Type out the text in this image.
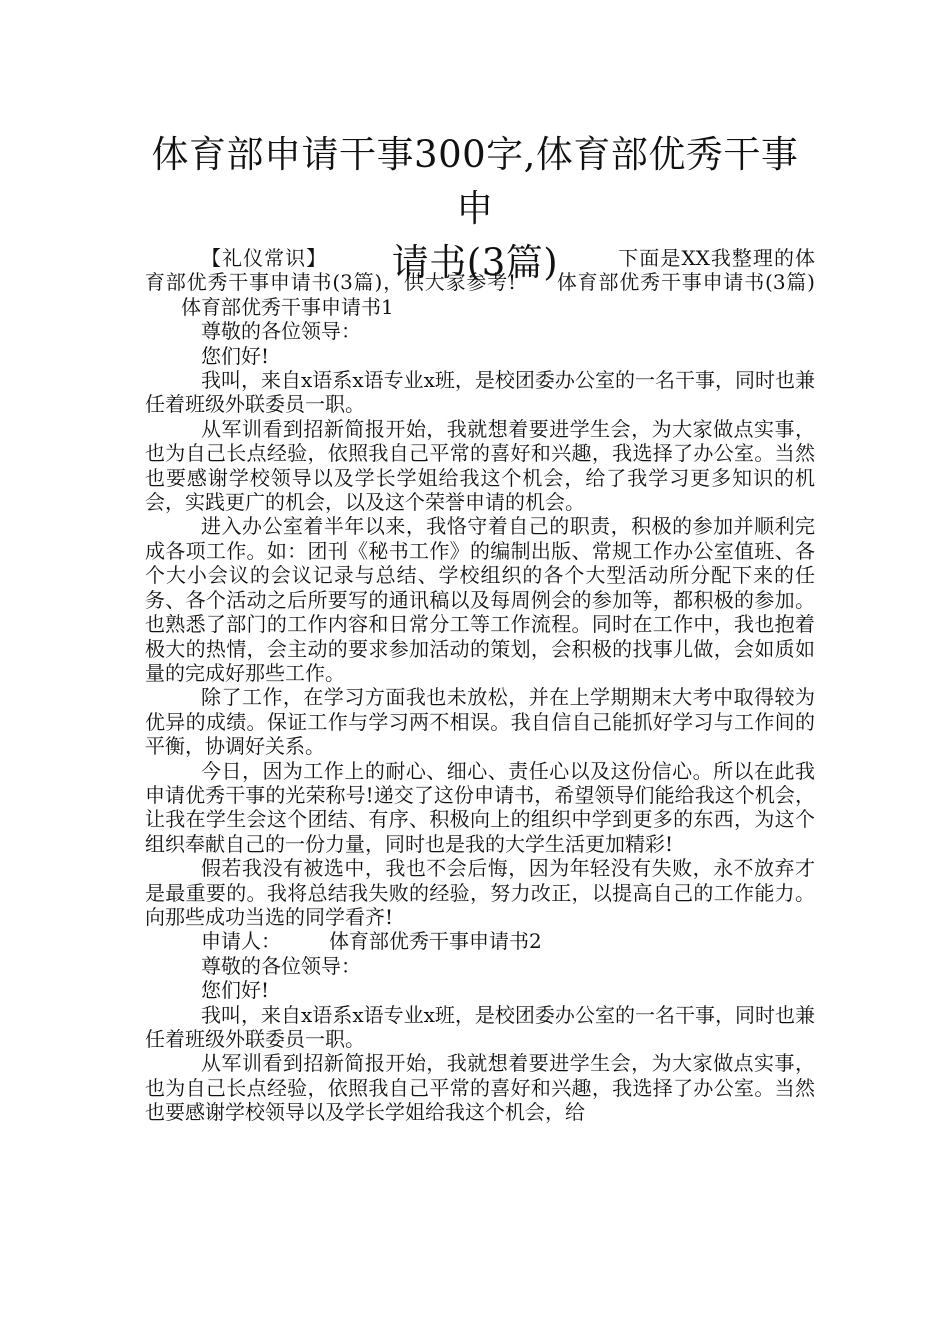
体育部申请干事300字,体育部优秀干事申
请书(3篇)

【礼仪常识】	下面是XX我整理的体育部优秀干事申请书(3篇)，供大家参考! 体育部优秀干事申请书(3篇)体育部优秀干事申请书1

尊敬的各位领导：

您们好!

我叫，来自x语系x语专业x班，是校团委办公室的一名干事，同时也兼任着班级外联委员一职。

从军训看到招新简报开始，我就想着要进学生会，为大家做点实事，也为自己长点经验，依照我自己平常的喜好和兴趣，我选择了办公室。当然也要感谢学校领导以及学长学姐给我这个机会，给了我学习更多知识的机会，实践更广的机会，以及这个荣誉申请的机会。

进入办公室着半年以来，我恪守着自己的职责，积极的参加并顺利完成各项工作。如：团刊《秘书工作》的编制出版、常规工作办公室值班、各个大小会议的会议记录与总结、学校组织的各个大型活动所分配下来的任务、各个活动之后所要写的通讯稿以及每周例会的参加等，都积极的参加。也熟悉了部门的工作内容和日常分工等工作流程。同时在工作中，我也抱着极大的热情，会主动的要求参加活动的策划，会积极的找事儿做，会如质如量的完成好那些工作。

除了工作，在学习方面我也未放松，并在上学期期末大考中取得较为优异的成绩。保证工作与学习两不相误。我自信自己能抓好学习与工作间的平衡，协调好关系。

今日，因为工作上的耐心、细心、责任心以及这份信心。所以在此我申请优秀干事的光荣称号!递交了这份申请书，希望领导们能给我这个机会，让我在学生会这个团结、有序、积极向上的组织中学到更多的东西，为这个组织奉献自己的一份力量，同时也是我的大学生活更加精彩!

假若我没有被选中，我也不会后悔，因为年轻没有失败，永不放弃才是最重要的。我将总结我失败的经验，努力改正，以提高自己的工作能力。向那些成功当选的同学看齐!

申请人： 体育部优秀干事申请书2

尊敬的各位领导：

您们好!

我叫，来自x语系x语专业x班，是校团委办公室的一名干事，同时也兼任着班级外联委员一职。

从军训看到招新简报开始，我就想着要进学生会，为大家做点实事，也为自己长点经验，依照我自己平常的喜好和兴趣，我选择了办公室。当然也要感谢学校领导以及学长学姐给我这个机会，给
